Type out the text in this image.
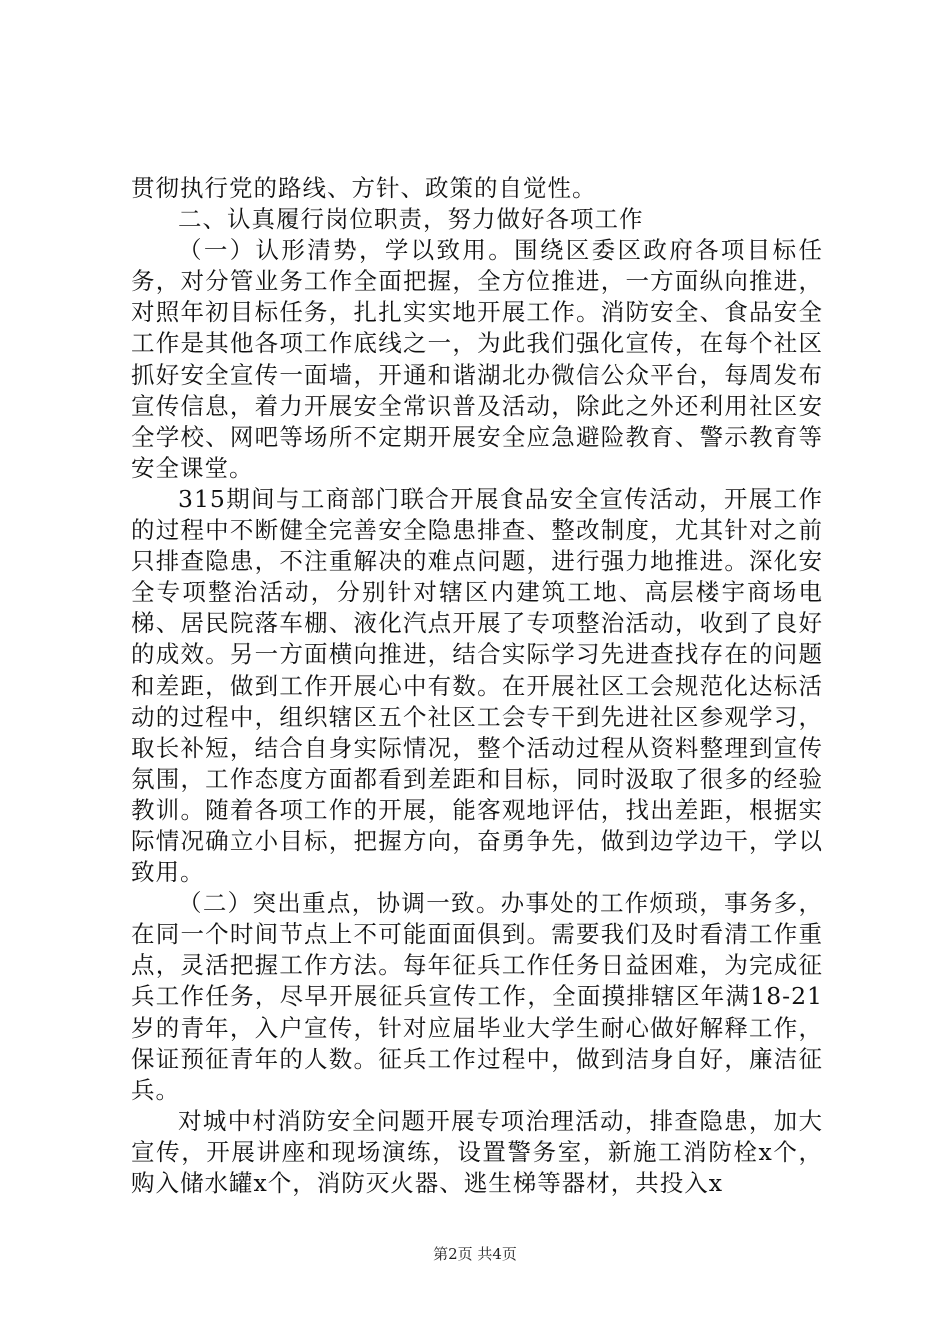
贯彻执行党的路线、方针、政策的自觉性。

二、认真履行岗位职责，努力做好各项工作

（一）认形清势，学以致用。围绕区委区政府各项目标任务，对分管业务工作全面把握，全方位推进，一方面纵向推进，对照年初目标任务，扎扎实实地开展工作。消防安全、食品安全工作是其他各项工作底线之一，为此我们强化宣传，在每个社区抓好安全宣传一面墙，开通和谐湖北办微信公众平台，每周发布宣传信息，着力开展安全常识普及活动，除此之外还利用社区安全学校、网吧等场所不定期开展安全应急避险教育、警示教育等安全课堂。

315期间与工商部门联合开展食品安全宣传活动，开展工作的过程中不断健全完善安全隐患排查、整改制度，尤其针对之前只排查隐患，不注重解决的难点问题，进行强力地推进。深化安全专项整治活动，分别针对辖区内建筑工地、高层楼宇商场电梯、居民院落车棚、液化汽点开展了专项整治活动，收到了良好的成效。另一方面横向推进，结合实际学习先进查找存在的问题和差距，做到工作开展心中有数。在开展社区工会规范化达标活动的过程中，组织辖区五个社区工会专干到先进社区参观学习，取长补短，结合自身实际情况，整个活动过程从资料整理到宣传氛围，工作态度方面都看到差距和目标，同时汲取了很多的经验教训。随着各项工作的开展，能客观地评估，找出差距，根据实际情况确立小目标，把握方向，奋勇争先，做到边学边干，学以致用。

（二）突出重点，协调一致。办事处的工作烦琐，事务多，在同一个时间节点上不可能面面俱到。需要我们及时看清工作重点，灵活把握工作方法。每年征兵工作任务日益困难，为完成征兵工作任务，尽早开展征兵宣传工作，全面摸排辖区年满18-21岁的青年，入户宣传，针对应届毕业大学生耐心做好解释工作，保证预征青年的人数。征兵工作过程中，做到洁身自好，廉洁征兵。

对城中村消防安全问题开展专项治理活动，排查隐患，加大宣传，开展讲座和现场演练，设置警务室，新施工消防栓x个，购入储水罐x个，消防灭火器、逃生梯等器材，共投入x

第2页 共4页
